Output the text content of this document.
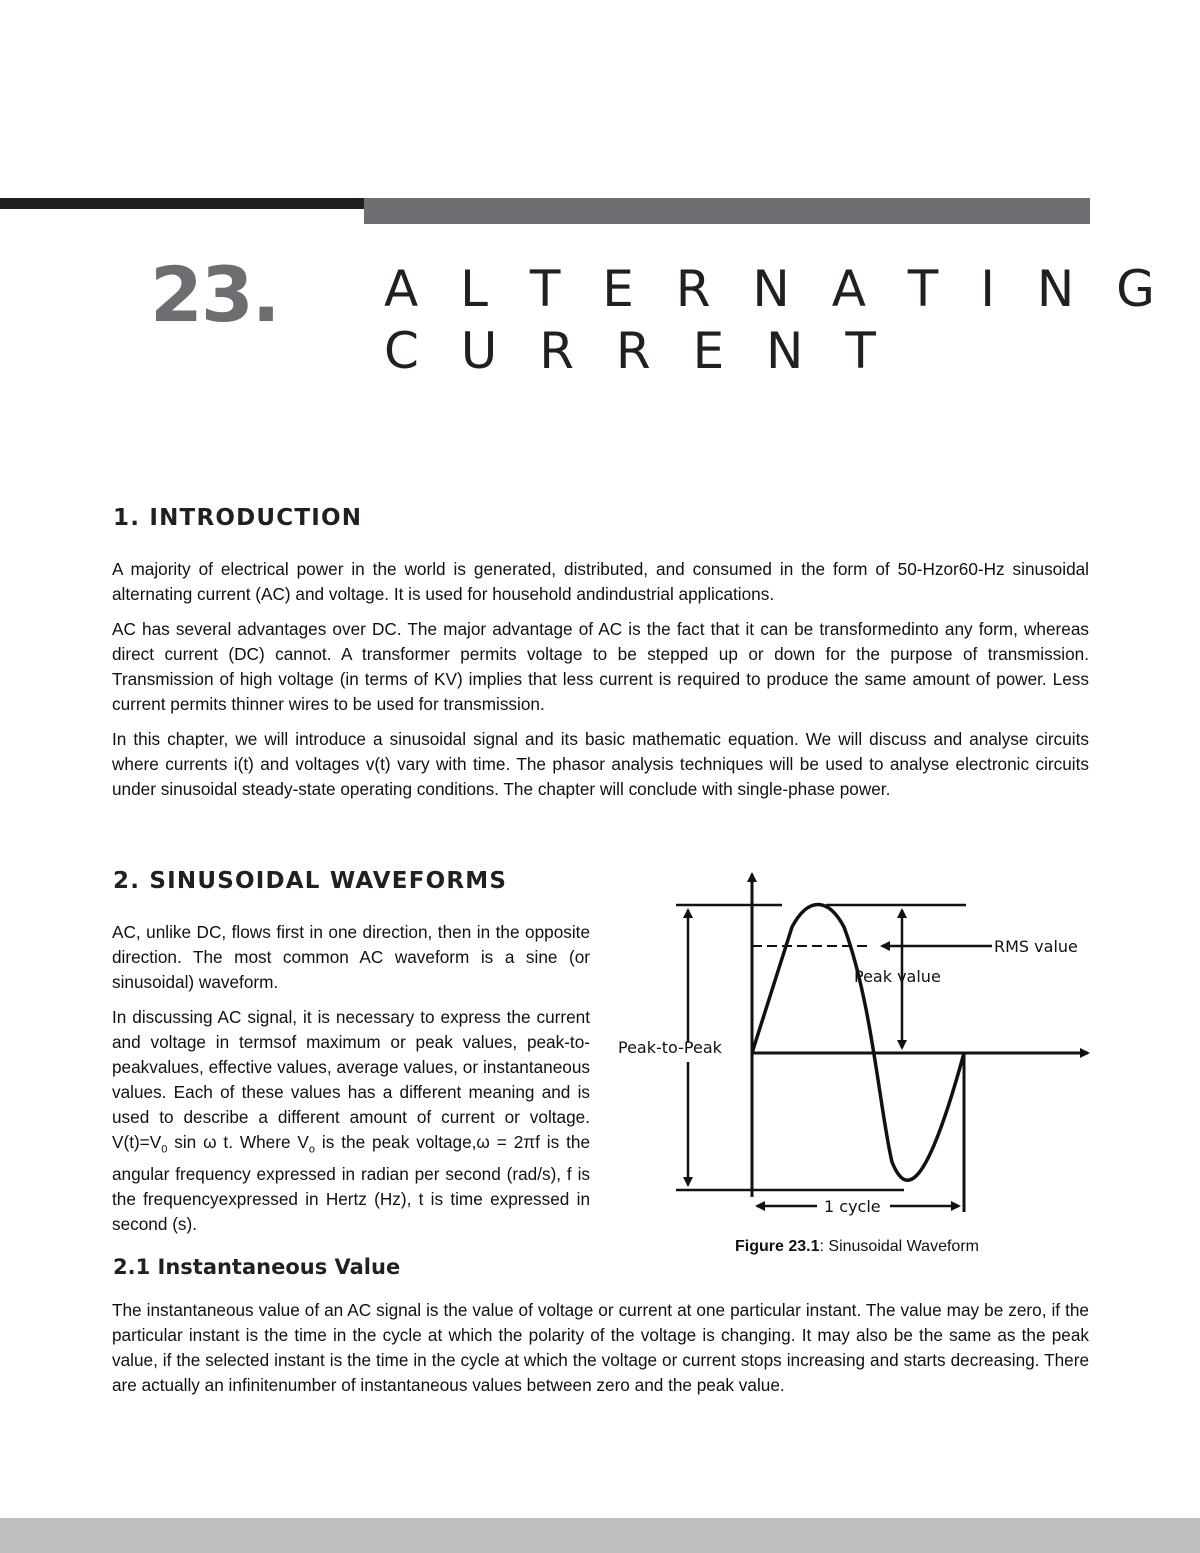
23. A L T E R N A T I N G
C U R R E N T
1. INTRODUCTION

A majority of electrical power in the world is generated, distributed, and consumed in the form of 50-Hzor60-Hz sinusoidal alternating current (AC) and voltage. It is used for household andindustrial applications.

AC has several advantages over DC. The major advantage of AC is the fact that it can be transformedinto any form, whereas direct current (DC) cannot. A transformer permits voltage to be stepped up or down for the purpose of transmission. Transmission of high voltage (in terms of KV) implies that less current is required to produce the same amount of power. Less current permits thinner wires to be used for transmission.

In this chapter, we will introduce a sinusoidal signal and its basic mathematic equation. We will discuss and analyse circuits where currents i(t) and voltages v(t) vary with time. The phasor analysis techniques will be used to analyse electronic circuits under sinusoidal steady-state operating conditions. The chapter will conclude with single-phase power.

2. SINUSOIDAL WAVEFORMS

AC, unlike DC, flows first in one direction, then in the opposite direction. The most common AC waveform is a sine (or sinusoidal) waveform.

In discussing AC signal, it is necessary to express the current and voltage in termsof maximum or peak values, peak-to-peakvalues, effective values, average values, or instantaneous values. Each of these values has a different meaning and is used to describe a different amount of current or voltage. $V(t)=V_0$ sin ω t. Where $V_o$ is the peak voltage,ω = 2πf is the angular frequency expressed in radian per second (rad/s), f is the frequencyexpressed in Hertz (Hz), t is time expressed in second (s).

RMS value
Peak value
Peak-to-Peak
1 cycle
Figure 23.1: Sinusoidal Waveform
2.1 Instantaneous Value

The instantaneous value of an AC signal is the value of voltage or current at one particular instant. The value may be zero, if the particular instant is the time in the cycle at which the polarity of the voltage is changing. It may also be the same as the peak value, if the selected instant is the time in the cycle at which the voltage or current stops increasing and starts decreasing. There are actually an infinitenumber of instantaneous values between zero and the peak value.
